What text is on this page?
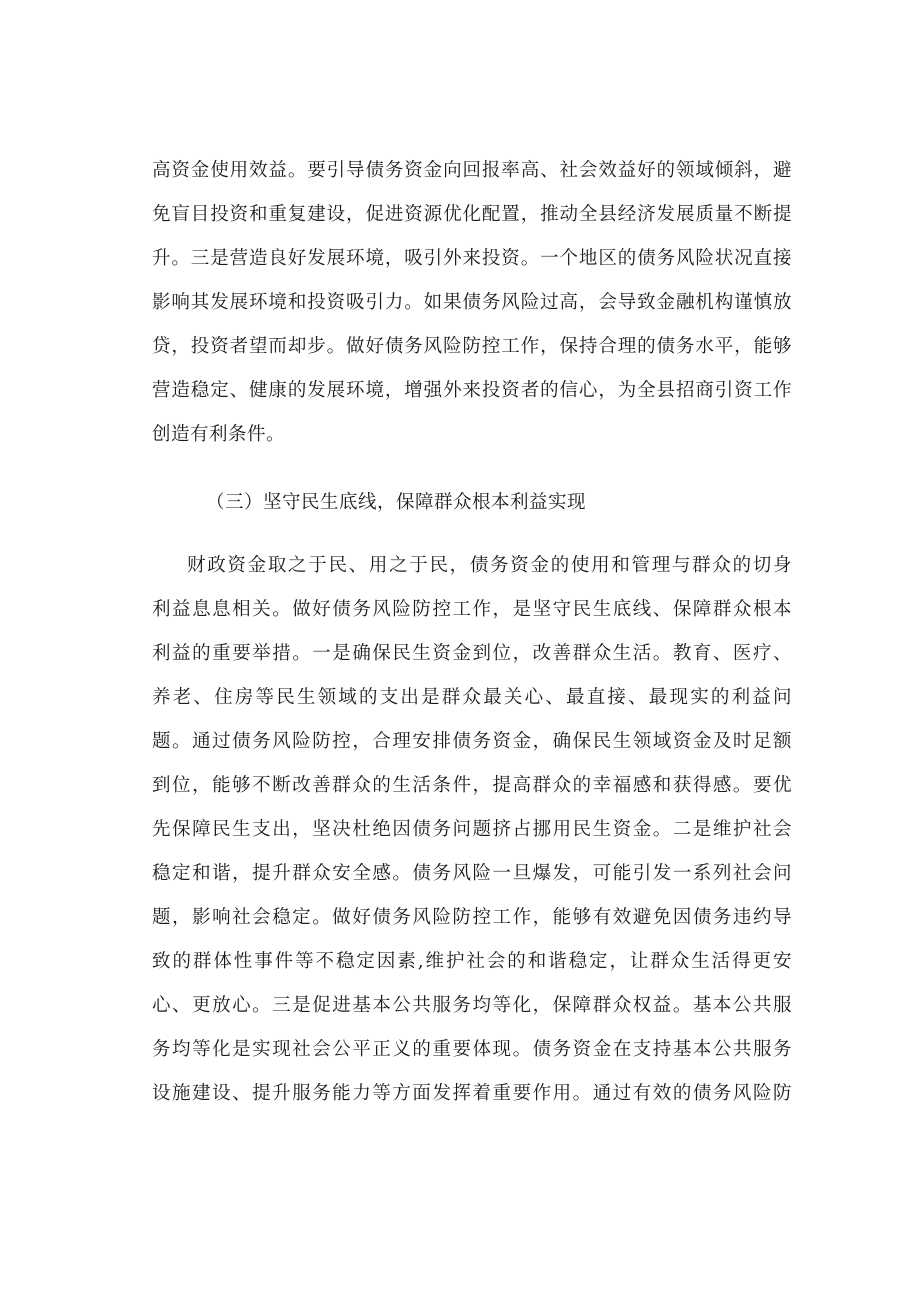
高资金使用效益。要引导债务资金向回报率高、社会效益好的领域倾斜，避
免盲目投资和重复建设，促进资源优化配置，推动全县经济发展质量不断提
升。三是营造良好发展环境，吸引外来投资。一个地区的债务风险状况直接
影响其发展环境和投资吸引力。如果债务风险过高，会导致金融机构谨慎放
贷，投资者望而却步。做好债务风险防控工作，保持合理的债务水平，能够
营造稳定、健康的发展环境，增强外来投资者的信心，为全县招商引资工作
创造有利条件。
（三）坚守民生底线，保障群众根本利益实现
财政资金取之于民、用之于民，债务资金的使用和管理与群众的切身
利益息息相关。做好债务风险防控工作，是坚守民生底线、保障群众根本
利益的重要举措。一是确保民生资金到位，改善群众生活。教育、医疗、
养老、住房等民生领域的支出是群众最关心、最直接、最现实的利益问
题。通过债务风险防控，合理安排债务资金，确保民生领域资金及时足额
到位，能够不断改善群众的生活条件，提高群众的幸福感和获得感。要优
先保障民生支出，坚决杜绝因债务问题挤占挪用民生资金。二是维护社会
稳定和谐，提升群众安全感。债务风险一旦爆发，可能引发一系列社会问
题，影响社会稳定。做好债务风险防控工作，能够有效避免因债务违约导
致的群体性事件等不稳定因素,维护社会的和谐稳定，让群众生活得更安
心、更放心。三是促进基本公共服务均等化，保障群众权益。基本公共服
务均等化是实现社会公平正义的重要体现。债务资金在支持基本公共服务
设施建设、提升服务能力等方面发挥着重要作用。通过有效的债务风险防
